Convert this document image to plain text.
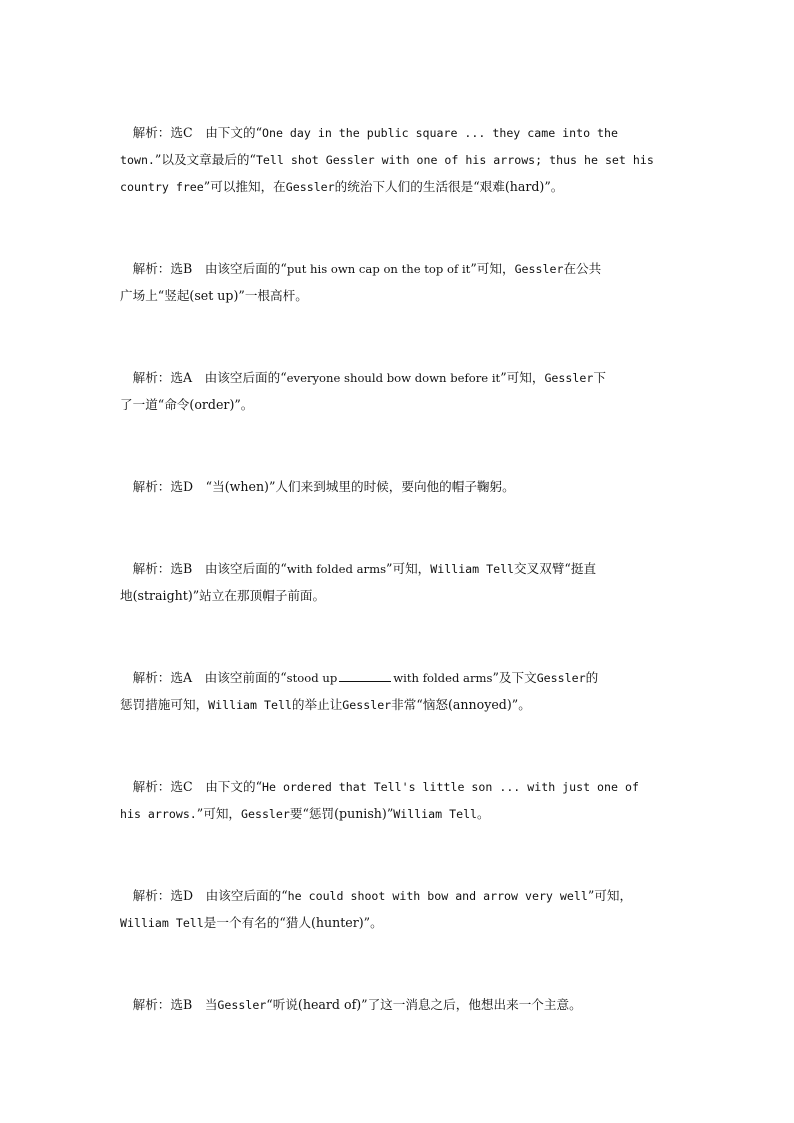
　解析：选C　由下文的“One day in the public square ... they came into the
town.”以及文章最后的“Tell shot Gessler with one of his arrows; thus he set his
country free”可以推知，在Gessler的统治下人们的生活很是“艰难(hard)”。
　解析：选B　由该空后面的“put his own cap on the top of it”可知，Gessler在公共
广场上“竖起(set up)”一根高杆。
　解析：选A　由该空后面的“everyone should bow down before it”可知，Gessler下
了一道“命令(order)”。
　解析：选D　“当(when)”人们来到城里的时候，要向他的帽子鞠躬。
　解析：选B　由该空后面的“with folded arms”可知，William Tell交叉双臂“挺直
地(straight)”站立在那顶帽子前面。
　解析：选A　由该空前面的“stood up	with folded arms”及下文Gessler的
惩罚措施可知，William Tell的举止让Gessler非常“恼怒(annoyed)”。
　解析：选C　由下文的“He ordered that Tell's little son ... with just one of
his arrows.”可知，Gessler要“惩罚(punish)”William Tell。
　解析：选D　由该空后面的“he could shoot with bow and arrow very well”可知，
William Tell是一个有名的“猎人(hunter)”。
　解析：选B　当Gessler“听说(heard of)”了这一消息之后，他想出来一个主意。
